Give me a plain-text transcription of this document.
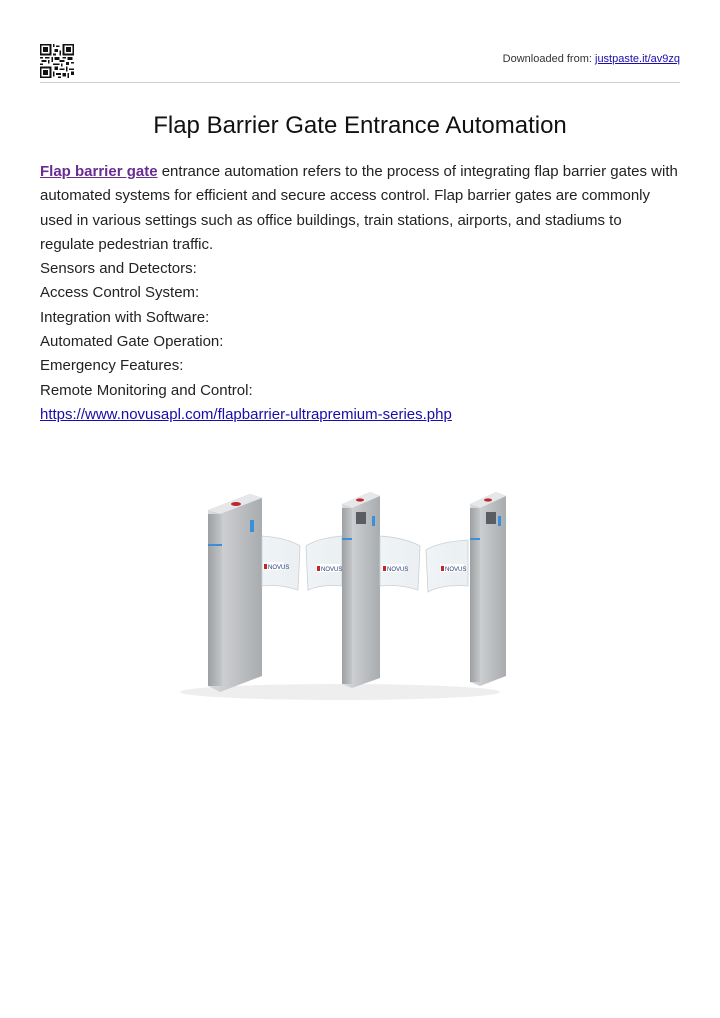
Downloaded from: justpaste.it/av9zq
Flap Barrier Gate Entrance Automation

Flap barrier gate entrance automation refers to the process of integrating flap barrier gates with automated systems for efficient and secure access control. Flap barrier gates are commonly used in various settings such as office buildings, train stations, airports, and stadiums to regulate pedestrian traffic.

Sensors and Detectors:

Access Control System:

Integration with Software:

Automated Gate Operation:

Emergency Features:

Remote Monitoring and Control:

https://www.novusapl.com/flapbarrier-ultrapremium-series.php

NOVUS	NOVUS	NOVUS	NOVUS
